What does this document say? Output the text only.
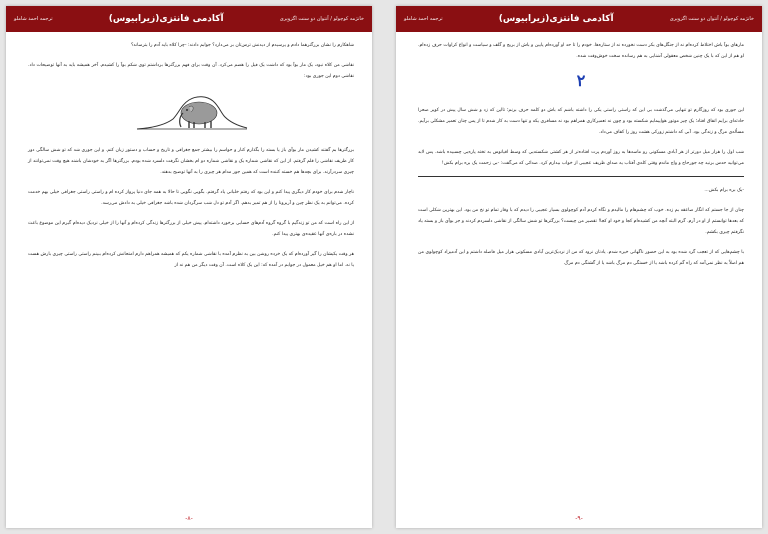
خانژمه کوچولو / آنتوان دو سنت اگزوپری
آکادمی فانتزی(زیرابیوس)
ترجمه احمد شاملو

شاهکارم را نشان بزرگترهما دادم و پرسیدم از دیدنش ترس‌تان بر می‌دارد؟ جوابم دادند: -چرا کلاه باید آدم را بترساند؟

نقاشی من کلاه نبود، یک مار بوآ بود که داشت یک فیل را هضم می‌کرد. آن وقت برای فهم بزرگترها برداشتم توی شکم بوآ را کشیدم. آخر همیشه باید به آنها توضیحات داد. نقاشی دوم این جوری بود:

بزرگترها بم گفتند کشیدن مار بوآی باز یا بسته را بگذارم کنار و حواسم را بیشتر جمع جغرافی و تاریخ و حساب و دستور زبان کنم. و این جوری شد که تو شش سالگی دور کار ظریف نقاشی را قلم گرفتم. از این که نقاشی شماره یک و نقاشی شماره دو ام بخشان نگرفت دلسرد شده بودم. بزرگترها اگر به خودشان باشند هیچ وقت نمی‌توانند از چیزی سردرآرند. برای بچه‌ها هم خسته کننده است که همین جور مدام هر چیزی را به آنها توضیح بدهند.

ناچار شدم برای خودم کار دیگری پیدا کنم و این بود که رفتم خلبانی یاد گرفتم. بگویی نگویی تا حالا به همه جای دنیا پرواز کرده ام و راستی راستی جغرافی خیلی بهم خدمت کرده. می‌توانم به یک نظر چین و آریزونا را از هم تمیز بدهم. اگر آدم تو دل شب سرگردان شده باشد جغرافی خیلی به دادش می‌رسد.

از این راه است که من تو زندگیم با گروه گروه آدم‌های حسابی برخورد داشته‌ام. پیش خیلی از بزرگترها زندگی کرده‌ام و آنها را از خیلی نزدیک دیده‌ام گیرم این موضوع باعث نشده در باره‌ی آنها عقیده‌ی بهتری پیدا کنم.

هر وقت یکیشان را گیر آورده‌ام که یک خرده روشن بین به نظرم آمده با نقاشی شماره یکم که همیشه همراهم دارم امتحانش کرده‌ام ببینم راستی راستی چیزی بارش هست یا نه. اما او هم خیل معمول در جوابم در آمده که: این یک کلاه است. آن وقت دیگر من هم نه از

-۸-
خانژمه کوچولو / آنتوان دو سنت اگزوپری
آکادمی فانتزی(زیرابیوس)
ترجمه احمد شاملو

مارهای بوآ باش اختلاط کرده‌ام نه از جنگل‌های بکر دست نخورده نه از ستاره‌ها. خودم را تا حد او آورده‌ام پایین و باش از بریج و گلف و سیاست و انواع کراوات حرف زده‌ام. او هم از این که با یک چنین شخص معقولی آشنایی به هم رسانده سخت خوش‌وقت شده.

۲

این جوری بود که روزگارم تو تنهایی می‌گذشت بی این که راستی راستی یکی را داشته باشم که باش دو کلمه حرف بزنم؛ تااین که زد و شش سال پیش در کویر صحرا حادثه‌ای برایم اتفاق افتاد؛ یک چیز موتور هواپیمایم شکسته بود و چون نه تعمیرکاری همراهم بود نه مسافری یکه و تنها دست به کار شدم تا از پس چنان تعمیر مشکلی برآیم. مسأله‌ی مرگ و زندگی بود. آبی که داشتم زورکی هشت روز را کفاف می‌داد.

شب اول را هزار میل دورتر از هر آبادی مسکونی رو ماسه‌ها به روز آوردم پرت افتاده‌تر از هر کشتی شکسته‌یی که وسط اقیانوس به تخته پاره‌یی چسبیده باشد. پس لابد می‌توانید حدس بزنید چه جورحاج و واج ماندم وقتی کله‌ی آفتاب یه صدای ظریف عجیبی از خواب بیدارم کرد. صدائی که می‌گفت: -بی زحمت یک بره برام بکش!

-یک بره برام بکش...

چنان از جا جستم که انگار صاعقه بم زده. خوب که چشم‌هام را مالیدم و نگاه کردم آدم کوچولوی بسیار عجیبی را دیدم که با وقار تمام تو نخ من بود. این بهترین شکلی است که بعدها توانستم از او در آرم. گرم البته آنچه من کشیده‌ام کجا و خود او کجا! تقصیر من چیست؟ بزرگترها تو شش سالگی از نقاشی دلسردم کردند و جز بوآی باز و بسته یاد نگرفتم چیزی بکشم.

با چشم‌هایی که از تعجب گرد شده بود به این حضور ناگهانی خیره شدم. یادتان نرود که من از نزدیک‌ترین آبادی مسکونی هزار میل فاصله داشتم و این آدمیزاد کوچولوی من هم اصلاً به نظر نمی‌آمد که راه گم کرده باشد یا از خستگی دم مرگ باشد یا از گشنگی دم مرگ

-۹-
